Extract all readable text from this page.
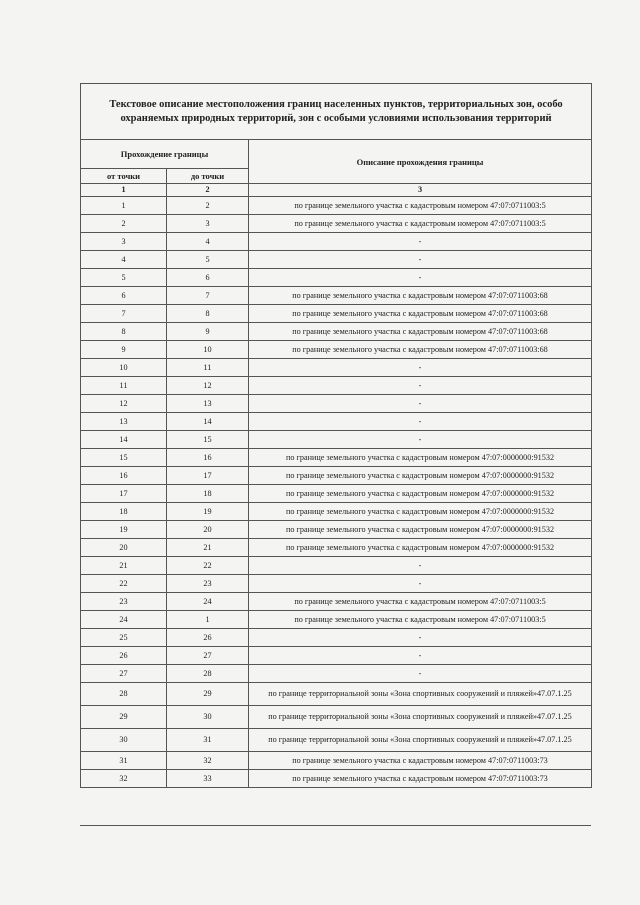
Текстовое описание местоположения границ населенных пунктов, территориальных зон, особо охраняемых природных территорий, зон с особыми условиями использования территорий		
Прохождение границы		Описание прохождения границы
от точки	до точки	
1	2	3
1	2	по границе земельного участка с кадастровым номером 47:07:0711003:5
2	3	по границе земельного участка с кадастровым номером 47:07:0711003:5
3	4	-
4	5	-
5	6	-
6	7	по границе земельного участка с кадастровым номером 47:07:0711003:68
7	8	по границе земельного участка с кадастровым номером 47:07:0711003:68
8	9	по границе земельного участка с кадастровым номером 47:07:0711003:68
9	10	по границе земельного участка с кадастровым номером 47:07:0711003:68
10	11	-
11	12	-
12	13	-
13	14	-
14	15	-
15	16	по границе земельного участка с кадастровым номером 47:07:0000000:91532
16	17	по границе земельного участка с кадастровым номером 47:07:0000000:91532
17	18	по границе земельного участка с кадастровым номером 47:07:0000000:91532
18	19	по границе земельного участка с кадастровым номером 47:07:0000000:91532
19	20	по границе земельного участка с кадастровым номером 47:07:0000000:91532
20	21	по границе земельного участка с кадастровым номером 47:07:0000000:91532
21	22	-
22	23	-
23	24	по границе земельного участка с кадастровым номером 47:07:0711003:5
24	1	по границе земельного участка с кадастровым номером 47:07:0711003:5
25	26	-
26	27	-
27	28	-
28	29	по границе территориальной зоны «Зона спортивных сооружений и пляжей»47.07.1.25
29	30	по границе территориальной зоны «Зона спортивных сооружений и пляжей»47.07.1.25
30	31	по границе территориальной зоны «Зона спортивных сооружений и пляжей»47.07.1.25
31	32	по границе земельного участка с кадастровым номером 47:07:0711003:73
32	33	по границе земельного участка с кадастровым номером 47:07:0711003:73
